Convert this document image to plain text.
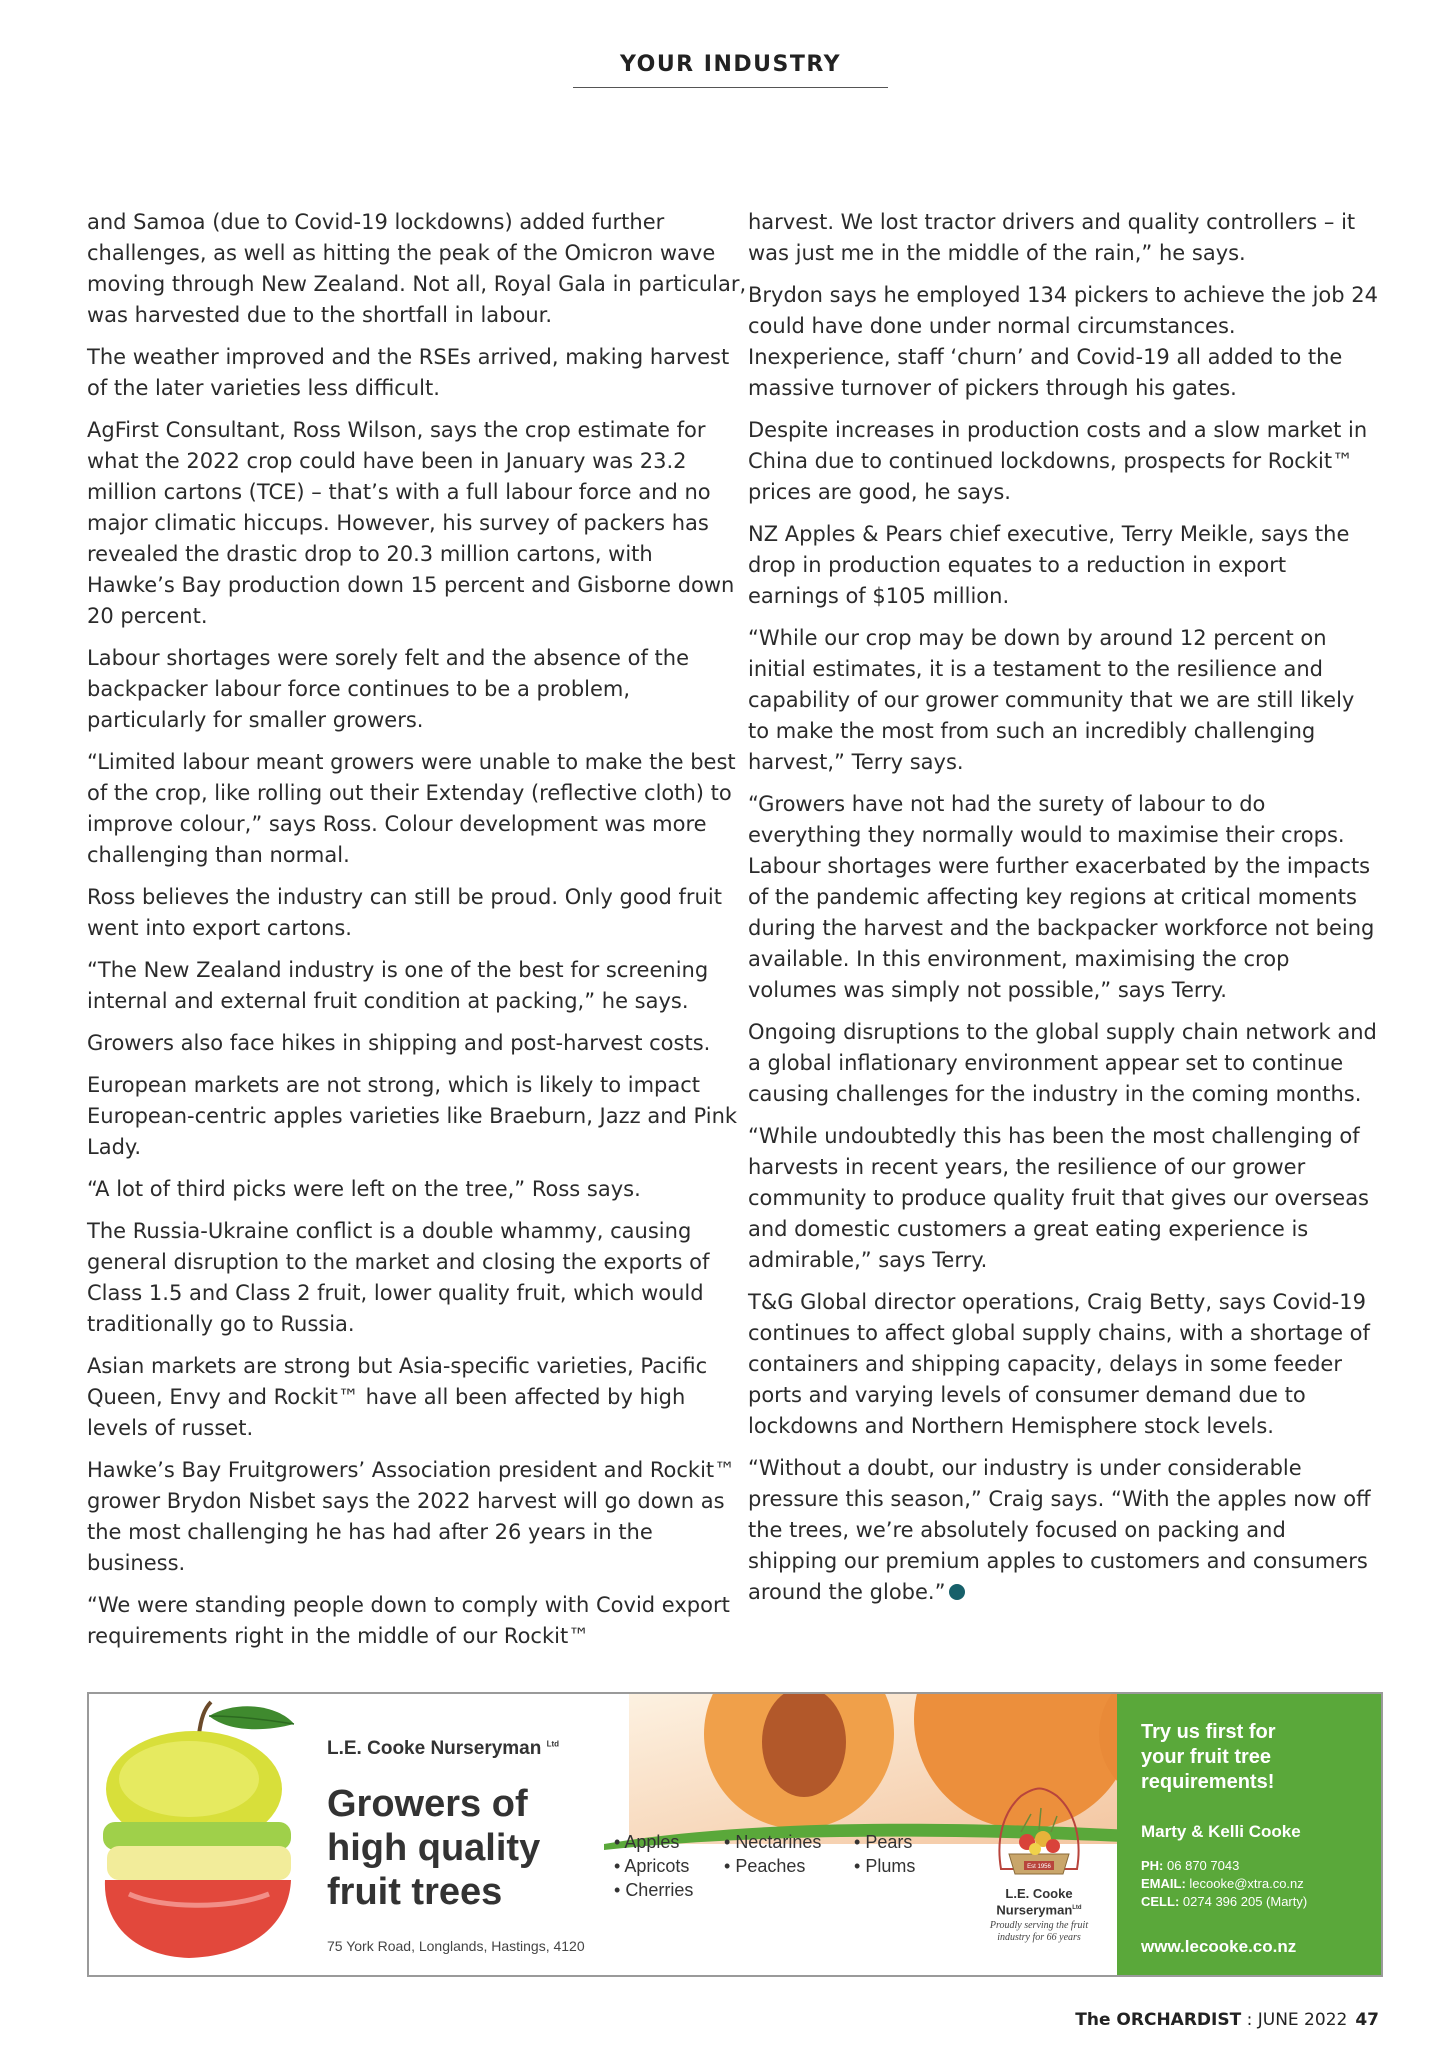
YOUR INDUSTRY

and Samoa (due to Covid-19 lockdowns) added further challenges, as well as hitting the peak of the Omicron wave moving through New Zealand. Not all, Royal Gala in particular, was harvested due to the shortfall in labour.

The weather improved and the RSEs arrived, making harvest of the later varieties less difficult.

AgFirst Consultant, Ross Wilson, says the crop estimate for what the 2022 crop could have been in January was 23.2 million cartons (TCE) – that’s with a full labour force and no major climatic hiccups. However, his survey of packers has revealed the drastic drop to 20.3 million cartons, with Hawke’s Bay production down 15 percent and Gisborne down 20 percent.

Labour shortages were sorely felt and the absence of the backpacker labour force continues to be a problem, particularly for smaller growers.

“Limited labour meant growers were unable to make the best of the crop, like rolling out their Extenday (reflective cloth) to improve colour,” says Ross. Colour development was more challenging than normal.

Ross believes the industry can still be proud. Only good fruit went into export cartons.

“The New Zealand industry is one of the best for screening internal and external fruit condition at packing,” he says.

Growers also face hikes in shipping and post-harvest costs.

European markets are not strong, which is likely to impact European-centric apples varieties like Braeburn, Jazz and Pink Lady.

“A lot of third picks were left on the tree,” Ross says.

The Russia-Ukraine conflict is a double whammy, causing general disruption to the market and closing the exports of Class 1.5 and Class 2 fruit, lower quality fruit, which would traditionally go to Russia.

Asian markets are strong but Asia-specific varieties, Pacific Queen, Envy and Rockit™ have all been affected by high levels of russet.

Hawke’s Bay Fruitgrowers’ Association president and Rockit™ grower Brydon Nisbet says the 2022 harvest will go down as the most challenging he has had after 26 years in the business.

“We were standing people down to comply with Covid export requirements right in the middle of our Rockit™

harvest. We lost tractor drivers and quality controllers – it was just me in the middle of the rain,” he says.

Brydon says he employed 134 pickers to achieve the job 24 could have done under normal circumstances. Inexperience, staff ‘churn’ and Covid-19 all added to the massive turnover of pickers through his gates.

Despite increases in production costs and a slow market in China due to continued lockdowns, prospects for Rockit™ prices are good, he says.

NZ Apples & Pears chief executive, Terry Meikle, says the drop in production equates to a reduction in export earnings of $105 million.

“While our crop may be down by around 12 percent on initial estimates, it is a testament to the resilience and capability of our grower community that we are still likely to make the most from such an incredibly challenging harvest,” Terry says.

“Growers have not had the surety of labour to do everything they normally would to maximise their crops. Labour shortages were further exacerbated by the impacts of the pandemic affecting key regions at critical moments during the harvest and the backpacker workforce not being available. In this environment, maximising the crop volumes was simply not possible,” says Terry.

Ongoing disruptions to the global supply chain network and a global inflationary environment appear set to continue causing challenges for the industry in the coming months.

“While undoubtedly this has been the most challenging of harvests in recent years, the resilience of our grower community to produce quality fruit that gives our overseas and domestic customers a great eating experience is admirable,” says Terry.

T&G Global director operations, Craig Betty, says Covid-19 continues to affect global supply chains, with a shortage of containers and shipping capacity, delays in some feeder ports and varying levels of consumer demand due to lockdowns and Northern Hemisphere stock levels.

“Without a doubt, our industry is under considerable pressure this season,” Craig says. “With the apples now off the trees, we’re absolutely focused on packing and shipping our premium apples to customers and consumers around the globe.”

L.E. Cooke Nurseryman $^{Ltd}$
Growers of
high quality
fruit trees
75 York Road, Longlands, Hastings, 4120
• Apples	• Nectarines	• Pears
• Apricots	• Peaches	• Plums
• Cherries
Est 1956
L.E. Cooke
Nurseryman$^{Ltd}$
Proudly serving the fruit
industry for 66 years
Try us first for
your fruit tree
requirements!
Marty & Kelli Cooke
PH: 06 870 7043
EMAIL: lecooke@xtra.co.nz
CELL: 0274 396 205 (Marty)
www.lecooke.co.nz
The ORCHARDIST : JUNE 2022 47
